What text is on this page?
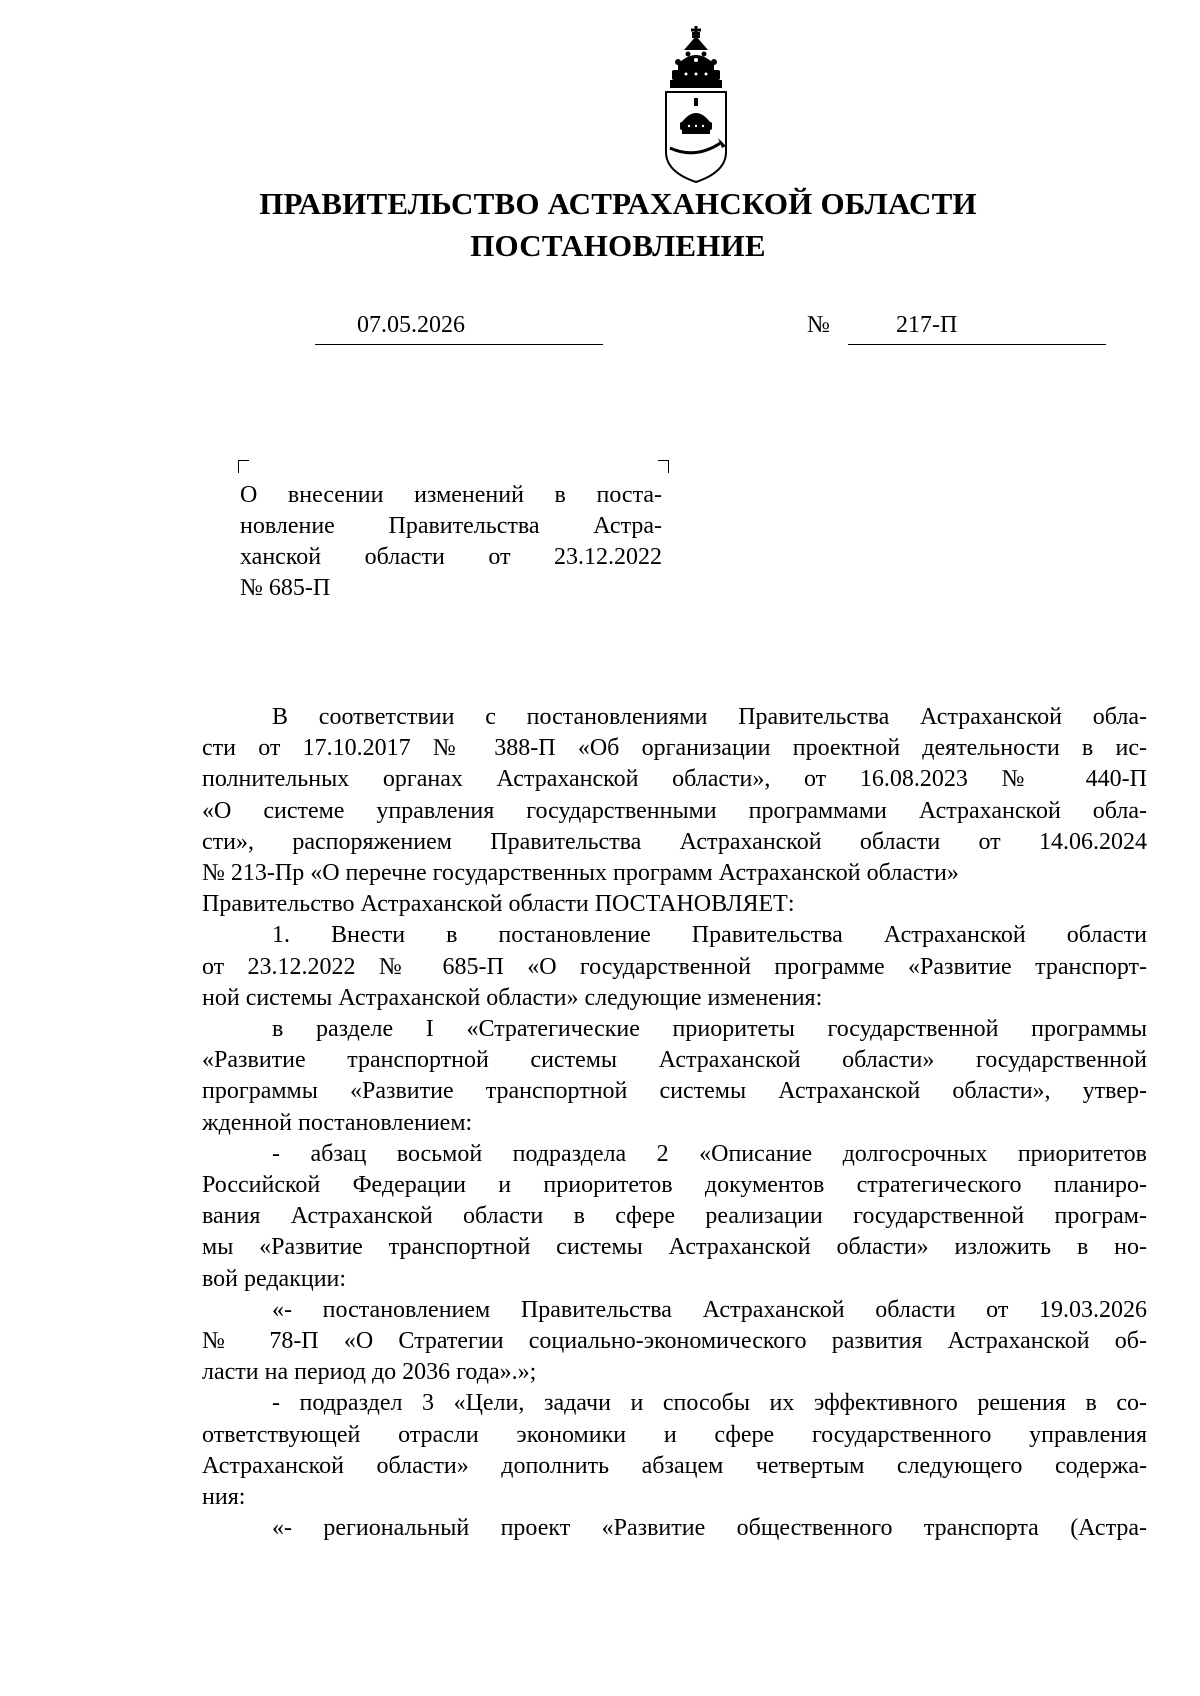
ПРАВИТЕЛЬСТВО АСТРАХАНСКОЙ ОБЛАСТИ
ПОСТАНОВЛЕНИЕ
07.05.2026	№	217-П
О внесении изменений в поста-
новление Правительства Астра-
ханской области от 23.12.2022
№ 685-П
В соответствии с постановлениями Правительства Астраханской обла-
сти от 17.10.2017 № 388-П «Об организации проектной деятельности в ис-
полнительных органах Астраханской области», от 16.08.2023 № 440-П
«О системе управления государственными программами Астраханской обла-
сти», распоряжением Правительства Астраханской области от 14.06.2024
№ 213-Пр «О перечне государственных программ Астраханской области»
Правительство Астраханской области ПОСТАНОВЛЯЕТ:
1. Внести в постановление Правительства Астраханской области
от 23.12.2022 № 685-П «О государственной программе «Развитие транспорт-
ной системы Астраханской области» следующие изменения:
в разделе I «Стратегические приоритеты государственной программы
«Развитие транспортной системы Астраханской области» государственной
программы «Развитие транспортной системы Астраханской области», утвер-
жденной постановлением:
- абзац восьмой подраздела 2 «Описание долгосрочных приоритетов
Российской Федерации и приоритетов документов стратегического планиро-
вания Астраханской области в сфере реализации государственной програм-
мы «Развитие транспортной системы Астраханской области» изложить в но-
вой редакции:
«- постановлением Правительства Астраханской области от 19.03.2026
№ 78-П «О Стратегии социально-экономического развития Астраханской об-
ласти на период до 2036 года».»;
- подраздел 3 «Цели, задачи и способы их эффективного решения в со-
ответствующей отрасли экономики и сфере государственного управления
Астраханской области» дополнить абзацем четвертым следующего содержа-
ния:
«- региональный проект «Развитие общественного транспорта (Астра-
